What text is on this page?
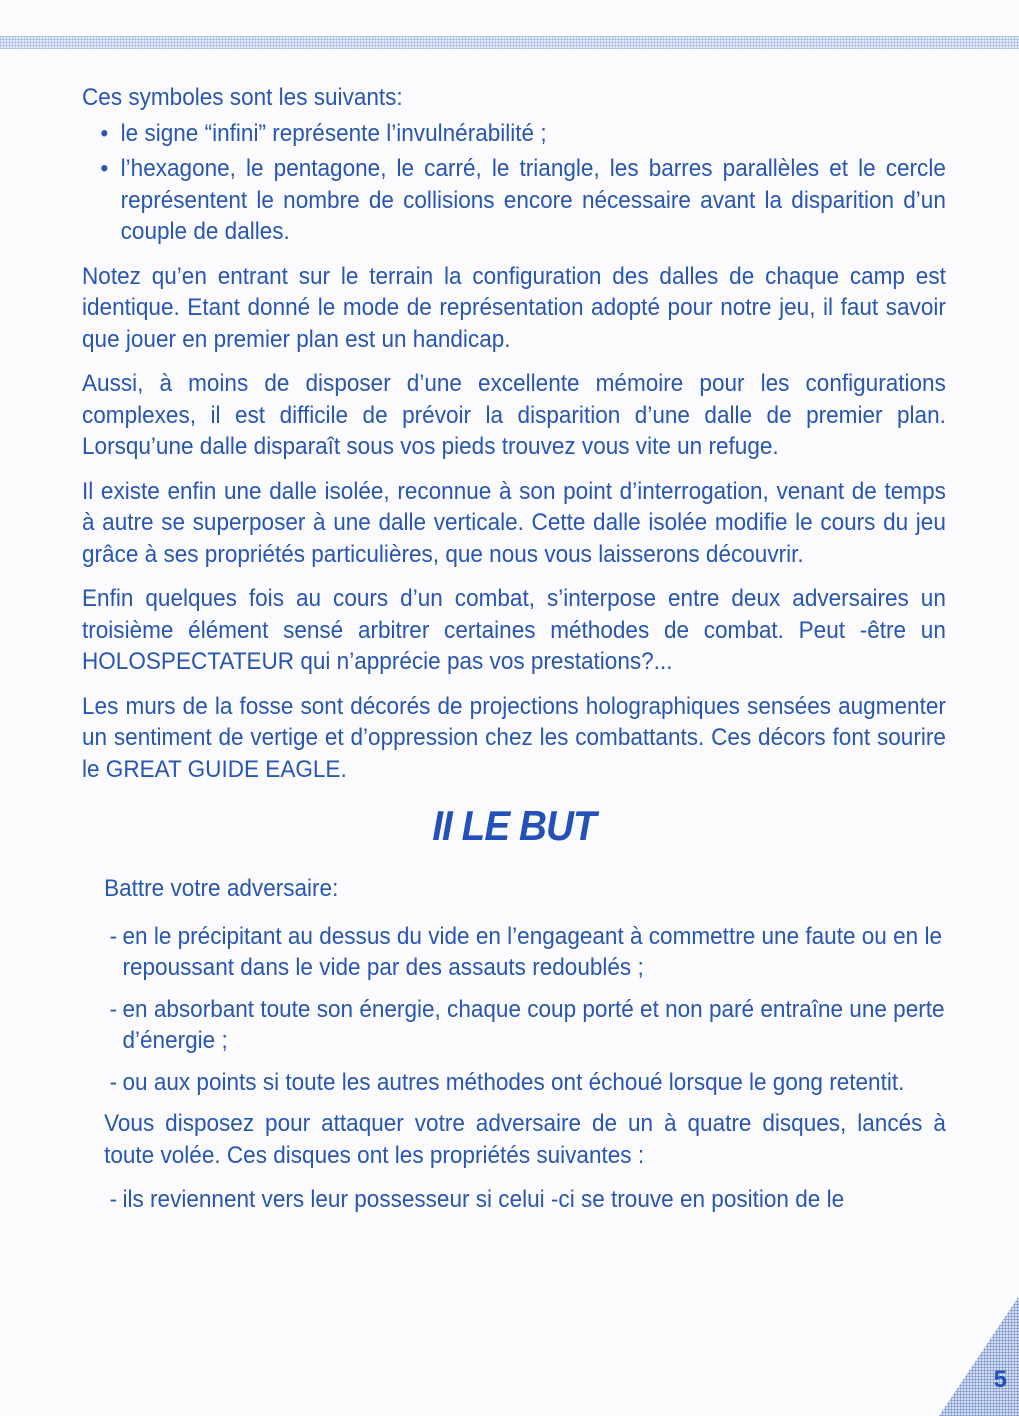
Ces symboles sont les suivants:

• le signe “infini” représente l’invulnérabilité ;
• l’hexagone, le pentagone, le carré, le triangle, les barres parallèles et le cercle représentent le nombre de collisions encore nécessaire avant la disparition d’un couple de dalles.

Notez qu’en entrant sur le terrain la configuration des dalles de chaque camp est identique. Etant donné le mode de représentation adopté pour notre jeu, il faut savoir que jouer en premier plan est un handicap.

Aussi, à moins de disposer d’une excellente mémoire pour les configurations complexes, il est difficile de prévoir la disparition d’une dalle de premier plan. Lorsqu’une dalle disparaît sous vos pieds trouvez vous vite un refuge.

Il existe enfin une dalle isolée, reconnue à son point d’interrogation, venant de temps à autre se superposer à une dalle verticale. Cette dalle isolée modifie le cours du jeu grâce à ses propriétés particulières, que nous vous laisserons découvrir.

Enfin quelques fois au cours d’un combat, s’interpose entre deux adversaires un troisième élément sensé arbitrer certaines méthodes de combat. Peut -être un HOLOSPECTATEUR qui n’apprécie pas vos prestations?...

Les murs de la fosse sont décorés de projections holographiques sensées augmenter un sentiment de vertige et d’oppression chez les combattants. Ces décors font sourire le GREAT GUIDE EAGLE.

II LE BUT

Battre votre adversaire:

- en le précipitant au dessus du vide en l’engageant à commettre une faute ou en le repoussant dans le vide par des assauts redoublés ;
- en absorbant toute son énergie, chaque coup porté et non paré entraîne une perte d’énergie ;
- ou aux points si toute les autres méthodes ont échoué lorsque le gong retentit.

Vous disposez pour attaquer votre adversaire de un à quatre disques, lancés à toute volée. Ces disques ont les propriétés suivantes :

- ils reviennent vers leur possesseur si celui -ci se trouve en position de le
5
